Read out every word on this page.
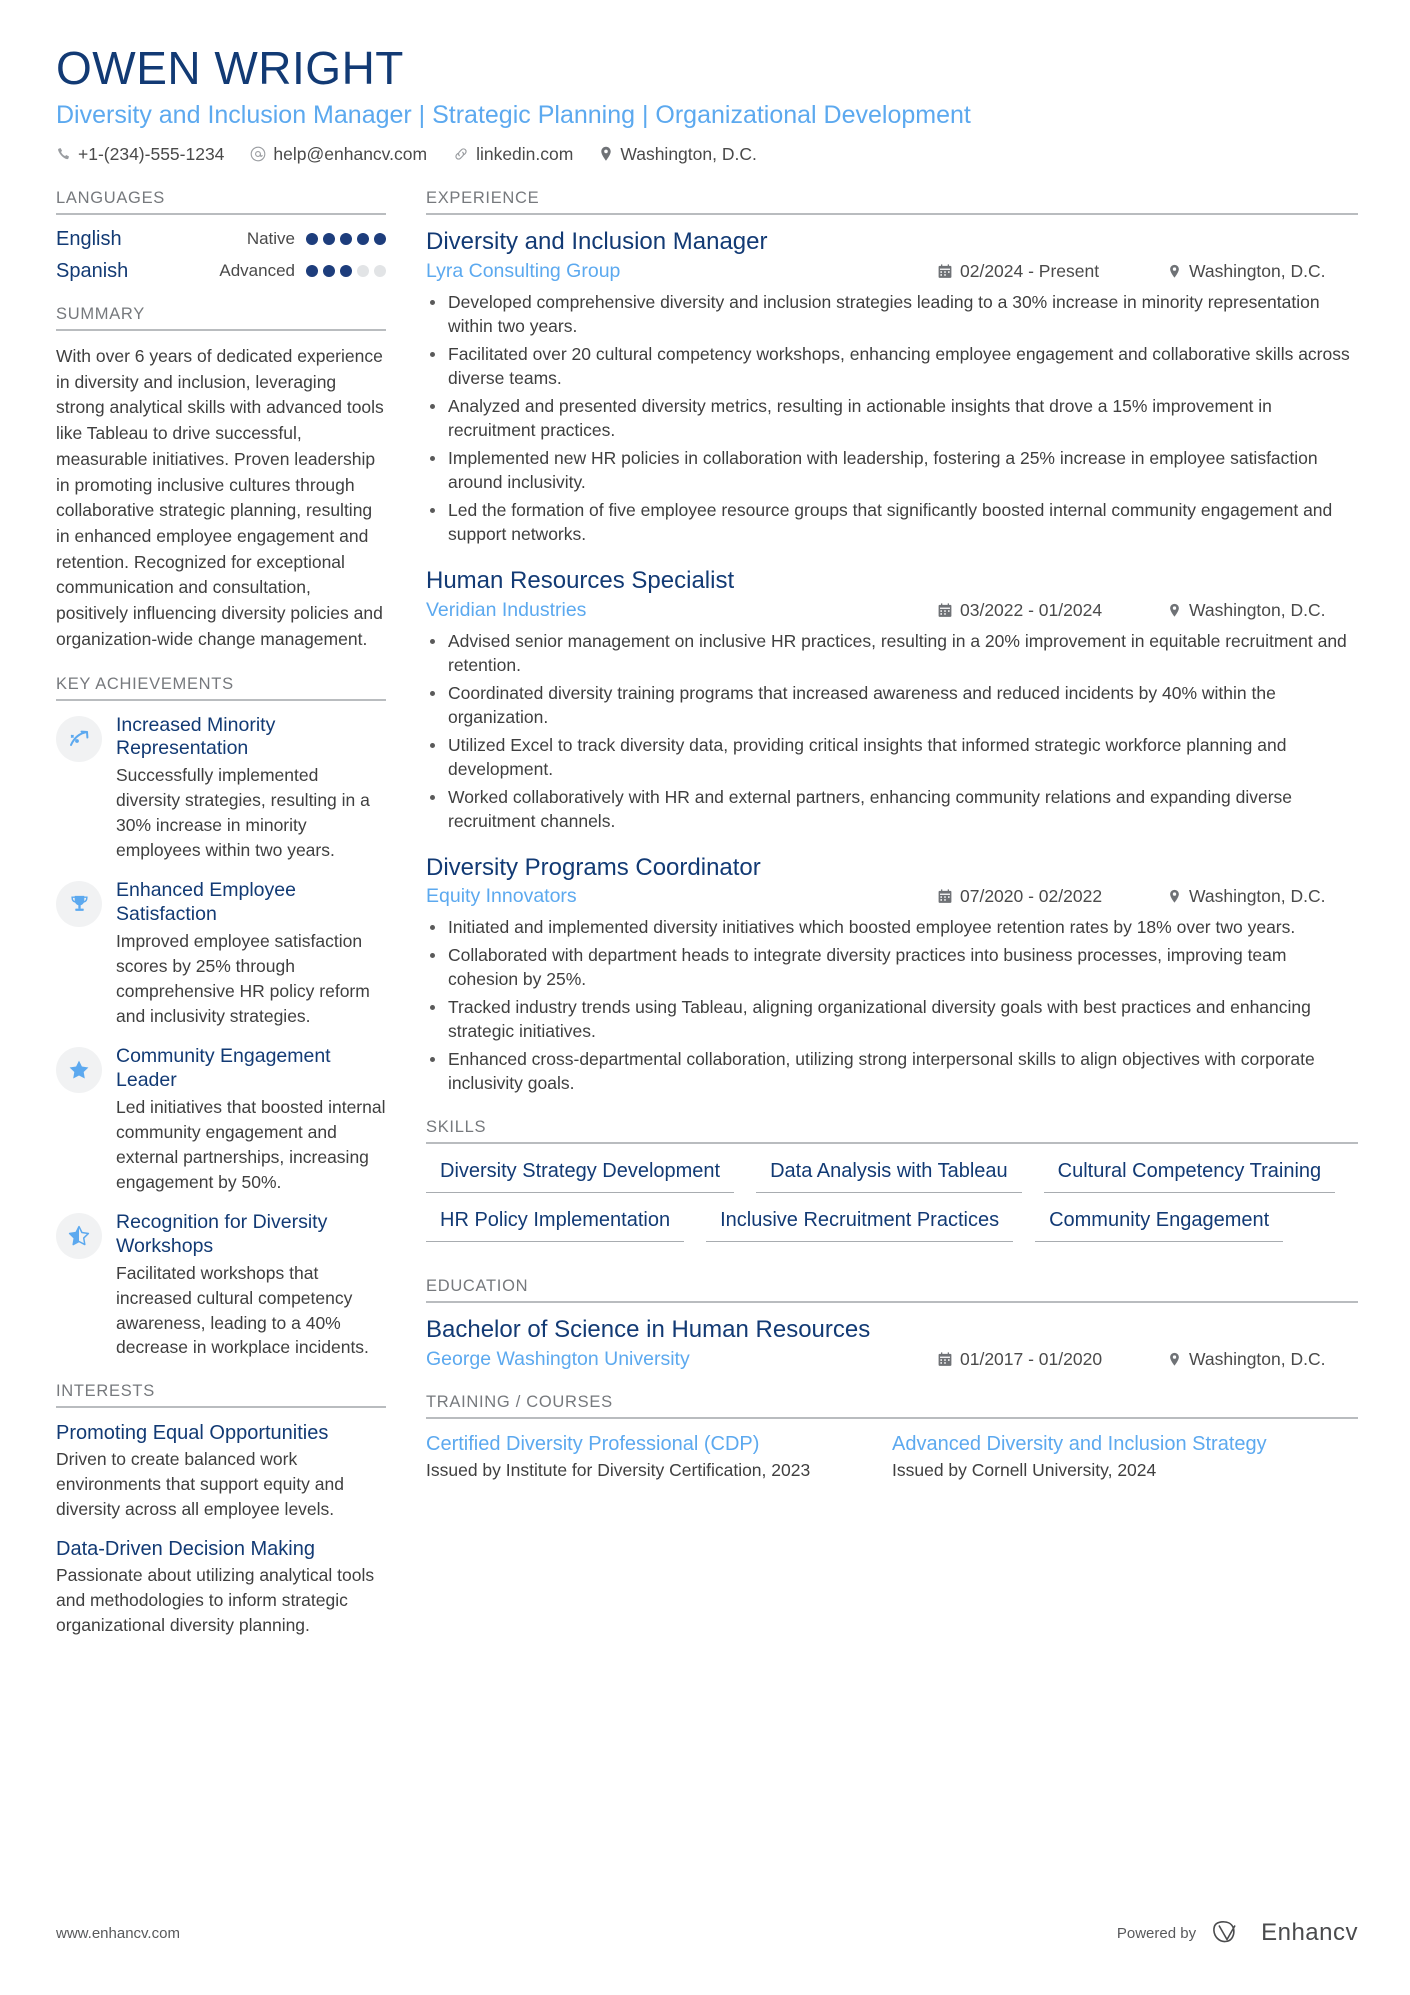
OWEN WRIGHT
Diversity and Inclusion Manager | Strategic Planning | Organizational Development
+1-(234)-555-1234	help@enhancv.com	linkedin.com	Washington, D.C.
LANGUAGES
English	Native
Spanish	Advanced
SUMMARY
With over 6 years of dedicated experience in diversity and inclusion, leveraging strong analytical skills with advanced tools like Tableau to drive successful, measurable initiatives. Proven leadership in promoting inclusive cultures through collaborative strategic planning, resulting in enhanced employee engagement and retention. Recognized for exceptional communication and consultation, positively influencing diversity policies and organization-wide change management.
KEY ACHIEVEMENTS
Increased Minority Representation
Successfully implemented diversity strategies, resulting in a 30% increase in minority employees within two years.
Enhanced Employee Satisfaction
Improved employee satisfaction scores by 25% through comprehensive HR policy reform and inclusivity strategies.
Community Engagement Leader
Led initiatives that boosted internal community engagement and external partnerships, increasing engagement by 50%.
Recognition for Diversity Workshops
Facilitated workshops that increased cultural competency awareness, leading to a 40% decrease in workplace incidents.
INTERESTS
Promoting Equal Opportunities
Driven to create balanced work environments that support equity and diversity across all employee levels.
Data-Driven Decision Making
Passionate about utilizing analytical tools and methodologies to inform strategic organizational diversity planning.
EXPERIENCE
Diversity and Inclusion Manager
Lyra Consulting Group	02/2024 - Present	Washington, D.C.
Developed comprehensive diversity and inclusion strategies leading to a 30% increase in minority representation within two years.
Facilitated over 20 cultural competency workshops, enhancing employee engagement and collaborative skills across diverse teams.
Analyzed and presented diversity metrics, resulting in actionable insights that drove a 15% improvement in recruitment practices.
Implemented new HR policies in collaboration with leadership, fostering a 25% increase in employee satisfaction around inclusivity.
Led the formation of five employee resource groups that significantly boosted internal community engagement and support networks.
Human Resources Specialist
Veridian Industries	03/2022 - 01/2024	Washington, D.C.
Advised senior management on inclusive HR practices, resulting in a 20% improvement in equitable recruitment and retention.
Coordinated diversity training programs that increased awareness and reduced incidents by 40% within the organization.
Utilized Excel to track diversity data, providing critical insights that informed strategic workforce planning and development.
Worked collaboratively with HR and external partners, enhancing community relations and expanding diverse recruitment channels.
Diversity Programs Coordinator
Equity Innovators	07/2020 - 02/2022	Washington, D.C.
Initiated and implemented diversity initiatives which boosted employee retention rates by 18% over two years.
Collaborated with department heads to integrate diversity practices into business processes, improving team cohesion by 25%.
Tracked industry trends using Tableau, aligning organizational diversity goals with best practices and enhancing strategic initiatives.
Enhanced cross-departmental collaboration, utilizing strong interpersonal skills to align objectives with corporate inclusivity goals.
SKILLS
Diversity Strategy Development	Data Analysis with Tableau	Cultural Competency Training
HR Policy Implementation	Inclusive Recruitment Practices	Community Engagement
EDUCATION
Bachelor of Science in Human Resources
George Washington University	01/2017 - 01/2020	Washington, D.C.
TRAINING / COURSES
Certified Diversity Professional (CDP)
Issued by Institute for Diversity Certification, 2023
Advanced Diversity and Inclusion Strategy
Issued by Cornell University, 2024
www.enhancv.com	Powered by	Enhancv
